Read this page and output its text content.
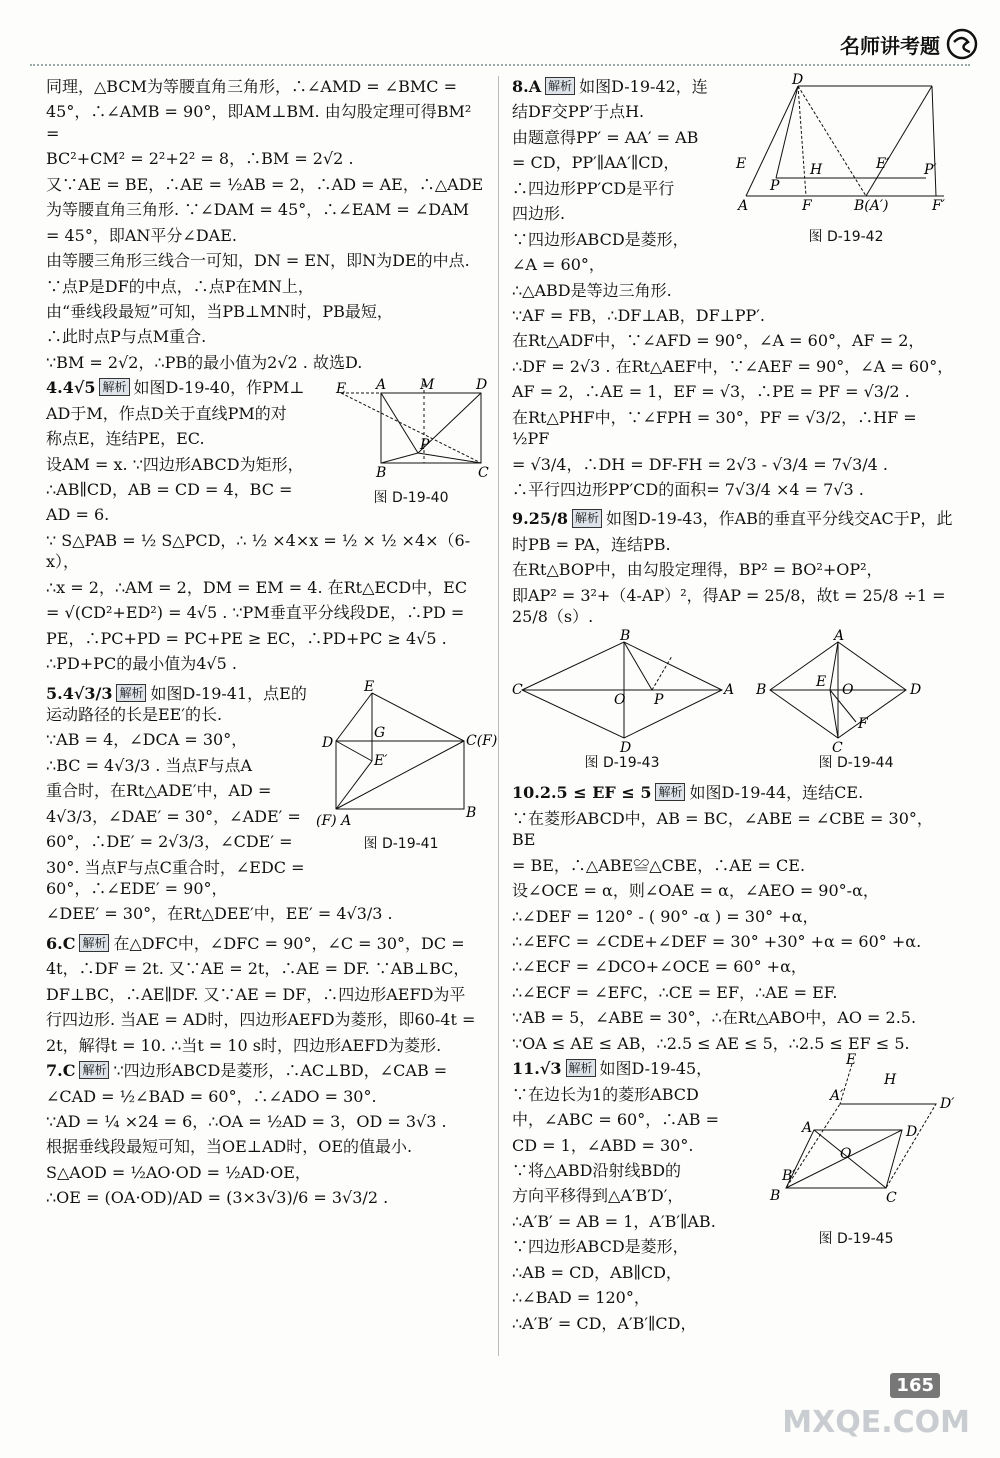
名师讲考题
同理，△BCM为等腰直角三角形，∴∠AMD = ∠BMC =
45°，∴∠AMB = 90°，即AM⊥BM. 由勾股定理可得BM² =
BC²+CM² = 2²+2² = 8，∴BM = 2√2 .
又∵AE = BE，∴AE = ½AB = 2，∴AD = AE，∴△ADE
为等腰直角三角形. ∵∠DAM = 45°，∴∠EAM = ∠DAM
= 45°，即AN平分∠DAE.
由等腰三角形三线合一可知，DN = EN，即N为DE的中点.
∵点P是DF的中点，∴点P在MN上，
由“垂线段最短”可知，当PB⊥MN时，PB最短，
∴此时点P与点M重合.
∵BM = 2√2，∴PB的最小值为2√2 . 故选D.
E A M	D
P
B	C
图 D-19-40
4.4√5 解析 如图D-19-40，作PM⊥
AD于M，作点D关于直线PM的对
称点E，连结PE，EC.
设AM = x. ∵四边形ABCD为矩形，
∴AB∥CD，AB = CD = 4，BC =
AD = 6.
∵ S△PAB = ½ S△PCD，∴ ½ ×4×x = ½ × ½ ×4×（6-x），
∴x = 2，∴AM = 2，DM = EM = 4. 在Rt△ECD中，EC
= √(CD²+ED²) = 4√5 . ∵PM垂直平分线段DE，∴PD =
PE，∴PC+PD = PC+PE ≥ EC，∴PD+PC ≥ 4√5 .
∴PD+PC的最小值为4√5 .
E
D
G	C(F)
E′
(F) A	B
图 D-19-41
5.4√3/3 解析 如图D-19-41，点E的运动路径的长是EE′的长.
∵AB = 4，∠DCA = 30°，
∴BC = 4√3/3 . 当点F与点A
重合时，在Rt△ADE′中，AD =
4√3/3，∠DAE′ = 30°，∠ADE′ =
60°，∴DE′ = 2√3/3，∠CDE′ =
30°. 当点F与点C重合时，∠EDC = 60°，∴∠EDE′ = 90°，
∠DEE′ = 30°，在Rt△DEE′中，EE′ = 4√3/3 .
6.C 解析 在△DFC中，∠DFC = 90°，∠C = 30°，DC =
4t，∴DF = 2t. 又∵AE = 2t，∴AE = DF. ∵AB⊥BC，
DF⊥BC，∴AE∥DF. 又∵AE = DF，∴四边形AEFD为平
行四边形. 当AE = AD时，四边形AEFD为菱形，即60-4t =
2t，解得t = 10. ∴当t = 10 s时，四边形AEFD为菱形.
7.C 解析 ∵四边形ABCD是菱形，∴AC⊥BD，∠CAB =
∠CAD = ½∠BAD = 60°，∴∠ADO = 30°.
∵AD = ¼ ×24 = 6，∴OA = ½AD = 3，OD = 3√3 .
根据垂线段最短可知，当OE⊥AD时，OE的值最小.
S△AOD = ½AO·OD = ½AD·OE，
∴OE = (OA·OD)/AD = (3×3√3)/6 = 3√3/2 .
D
E
P
H	E′ P′
A	F	B(A′)	F′
图 D-19-42
8.A 解析 如图D-19-42，连
结DF交PP′于点H.
由题意得PP′ = AA′ = AB
= CD，PP′∥AA′∥CD，
∴四边形PP′CD是平行
四边形.
∵四边形ABCD是菱形，
∠A = 60°，
∴△ABD是等边三角形.
∵AF = FB，∴DF⊥AB，DF⊥PP′.
在Rt△ADF中，∵∠AFD = 90°，∠A = 60°，AF = 2，
∴DF = 2√3 . 在Rt△AEF中，∵∠AEF = 90°，∠A = 60°，
AF = 2，∴AE = 1，EF = √3，∴PE = PF = √3/2 .
在Rt△PHF中，∵∠FPH = 30°，PF = √3/2，∴HF = ½PF
= √3/4，∴DH = DF-FH = 2√3 - √3/4 = 7√3/4 .
∴平行四边形PP′CD的面积= 7√3/4 ×4 = 7√3 .
9.25/8 解析 如图D-19-43，作AB的垂直平分线交AC于P，此
时PB = PA，连结PB.
在Rt△BOP中，由勾股定理得，BP² = BO²+OP²，
即AP² = 3²+（4-AP）²，得AP = 25/8，故t = 25/8 ÷1 = 25/8（s）.
C
B
A
D
O P
图 D-19-43
B
A
D
C
E O
F
图 D-19-44
10.2.5 ≤ EF ≤ 5 解析 如图D-19-44，连结CE.
∵在菱形ABCD中，AB = BC，∠ABE = ∠CBE = 30°，BE
= BE，∴△ABE≌△CBE，∴AE = CE.
设∠OCE = α，则∠OAE = α，∠AEO = 90°-α，
∴∠DEF = 120° - ( 90° -α ) = 30° +α，
∴∠EFC = ∠CDE+∠DEF = 30° +30° +α = 60° +α.
∴∠ECF = ∠DCO+∠OCE = 60° +α，
∴∠ECF = ∠EFC，∴CE = EF，∴AE = EF.
∵AB = 5，∠ABE = 30°，∴在Rt△ABO中，AO = 2.5.
∵OA ≤ AE ≤ AB，∴2.5 ≤ AE ≤ 5，∴2.5 ≤ EF ≤ 5.
E
H
A′	D′
A	D
O
B′
B	C
图 D-19-45
11.√3 解析 如图D-19-45，
∵在边长为1的菱形ABCD
中，∠ABC = 60°，∴AB =
CD = 1，∠ABD = 30°.
∵将△ABD沿射线BD的
方向平移得到△A′B′D′，
∴A′B′ = AB = 1，A′B′∥AB.
∵四边形ABCD是菱形，
∴AB = CD，AB∥CD，
∴∠BAD = 120°，
∴A′B′ = CD，A′B′∥CD，
165
MXQE.COM
